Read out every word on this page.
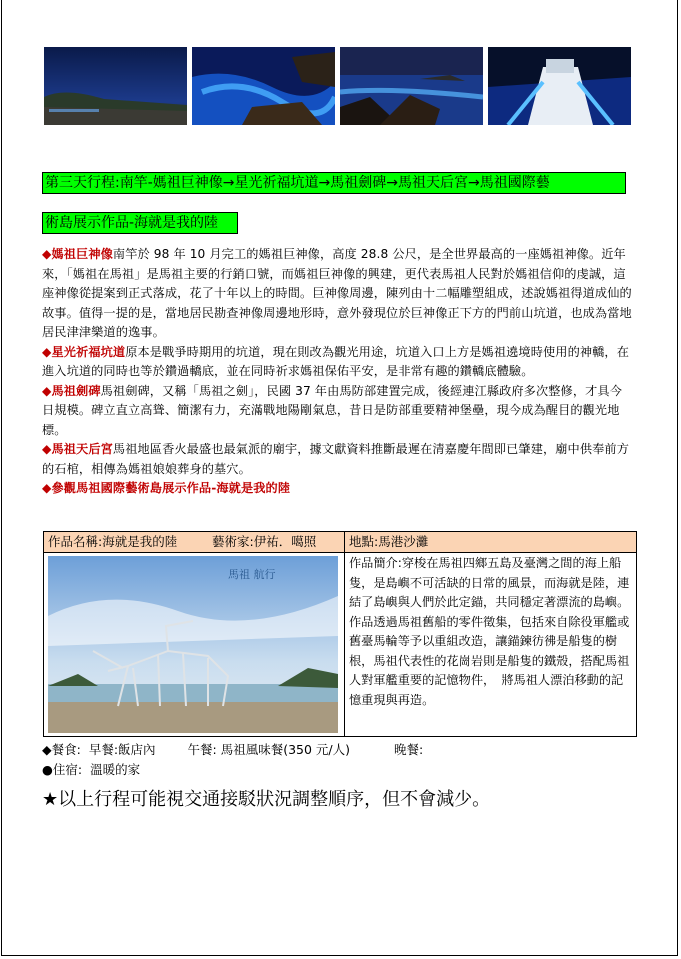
第三天行程:南竿-媽祖巨神像→星光祈福坑道→馬祖劍碑→馬祖天后宮→馬祖國際藝
術島展示作品-海就是我的陸
◆媽祖巨神像南竿於 98 年 10 月完工的媽祖巨神像，高度 28.8 公尺，是全世界最高的一座媽祖神像。近年來，「媽祖在馬祖」是馬祖主要的行銷口號，而媽祖巨神像的興建，更代表馬祖人民對於媽祖信仰的虔誠，這座神像從提案到正式落成，花了十年以上的時間。巨神像周邊，陳列由十二幅雕塑組成，述說媽祖得道成仙的故事。值得一提的是，當地居民勘查神像周邊地形時，意外發現位於巨神像正下方的門前山坑道，也成為當地居民津津樂道的逸事。
◆星光祈福坑道原本是戰爭時期用的坑道，現在則改為觀光用途，坑道入口上方是媽祖遶境時使用的神轎，在進入坑道的同時也等於鑽過轎底，並在同時祈求媽祖保佑平安，是非常有趣的鑽轎底體驗。
◆馬祖劍碑馬祖劍碑，又稱「馬祖之劍」，民國 37 年由馬防部建置完成，後經連江縣政府多次整修，才具今日規模。碑立直立高聳、簡潔有力，充滿戰地陽剛氣息，昔日是防部重要精神堡壘，現今成為醒目的觀光地標。
◆馬祖天后宮馬祖地區香火最盛也最氣派的廟宇，據文獻資料推斷最遲在清嘉慶年間即已肇建，廟中供奉前方的石棺，相傳為媽祖娘娘葬身的墓穴。
◆參觀馬祖國際藝術島展示作品-海就是我的陸
作品名稱:海就是我的陸	藝術家:伊祐．噶照	地點:馬港沙灘
馬祖 航行
作品簡介:穿梭在馬祖四鄉五島及臺灣之間的海上船隻，是島嶼不可活缺的日常的風景，而海就是陸，連結了島嶼與人們於此定錨，共同穩定著漂流的島嶼。作品透過馬祖舊船的零件徵集，包括來自除役軍艦或舊臺馬輪等予以重組改造，讓錨鍊彷彿是船隻的樹根，馬祖代表性的花崗岩則是船隻的鐵殼，搭配馬祖人對軍艦重要的記憶物件，　將馬祖人漂泊移動的記憶重現與再造。
◆餐食: 早餐:飯店內	午餐: 馬祖風味餐(350 元/人)	晚餐:
●住宿: 溫暖的家
★以上行程可能視交通接駁狀況調整順序，但不會減少。
